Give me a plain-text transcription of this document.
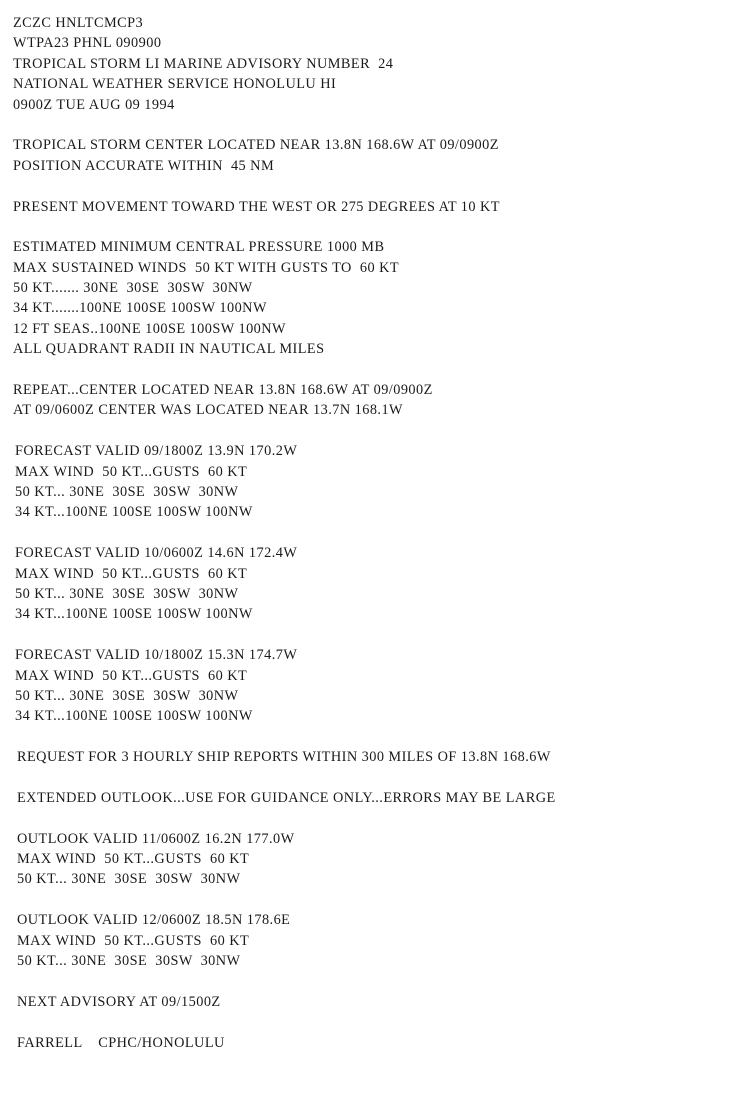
ZCZC HNLTCMCP3
WTPA23 PHNL 090900
TROPICAL STORM LI MARINE ADVISORY NUMBER  24
NATIONAL WEATHER SERVICE HONOLULU HI
0900Z TUE AUG 09 1994
TROPICAL STORM CENTER LOCATED NEAR 13.8N 168.6W AT 09/0900Z
POSITION ACCURATE WITHIN  45 NM
PRESENT MOVEMENT TOWARD THE WEST OR 275 DEGREES AT 10 KT
ESTIMATED MINIMUM CENTRAL PRESSURE 1000 MB
MAX SUSTAINED WINDS  50 KT WITH GUSTS TO  60 KT
50 KT....... 30NE  30SE  30SW  30NW
34 KT.......100NE 100SE 100SW 100NW
12 FT SEAS..100NE 100SE 100SW 100NW
ALL QUADRANT RADII IN NAUTICAL MILES
REPEAT...CENTER LOCATED NEAR 13.8N 168.6W AT 09/0900Z
AT 09/0600Z CENTER WAS LOCATED NEAR 13.7N 168.1W
FORECAST VALID 09/1800Z 13.9N 170.2W
MAX WIND  50 KT...GUSTS  60 KT
50 KT... 30NE  30SE  30SW  30NW
34 KT...100NE 100SE 100SW 100NW
FORECAST VALID 10/0600Z 14.6N 172.4W
MAX WIND  50 KT...GUSTS  60 KT
50 KT... 30NE  30SE  30SW  30NW
34 KT...100NE 100SE 100SW 100NW
FORECAST VALID 10/1800Z 15.3N 174.7W
MAX WIND  50 KT...GUSTS  60 KT
50 KT... 30NE  30SE  30SW  30NW
34 KT...100NE 100SE 100SW 100NW
REQUEST FOR 3 HOURLY SHIP REPORTS WITHIN 300 MILES OF 13.8N 168.6W
EXTENDED OUTLOOK...USE FOR GUIDANCE ONLY...ERRORS MAY BE LARGE
OUTLOOK VALID 11/0600Z 16.2N 177.0W
MAX WIND  50 KT...GUSTS  60 KT
50 KT... 30NE  30SE  30SW  30NW
OUTLOOK VALID 12/0600Z 18.5N 178.6E
MAX WIND  50 KT...GUSTS  60 KT
50 KT... 30NE  30SE  30SW  30NW
NEXT ADVISORY AT 09/1500Z
FARRELL    CPHC/HONOLULU
